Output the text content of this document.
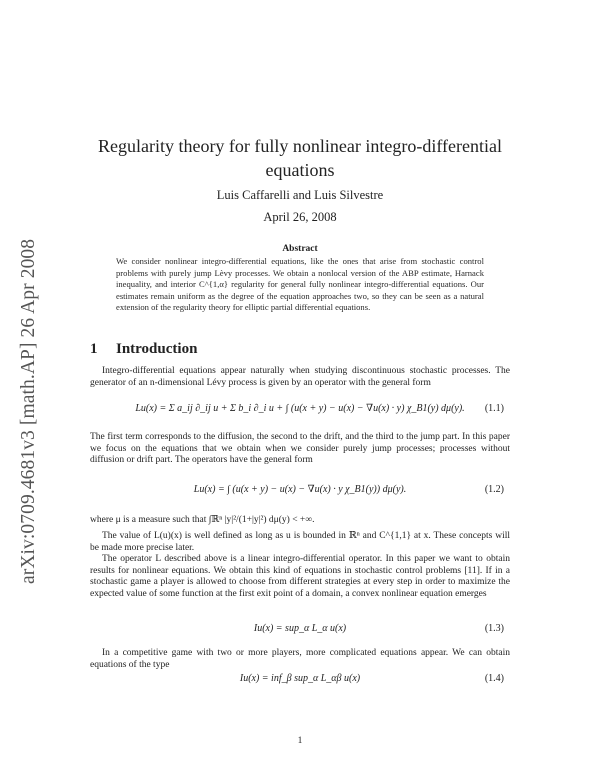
arXiv:0709.4681v3 [math.AP] 26 Apr 2008
Regularity theory for fully nonlinear integro-differential equations
Luis Caffarelli and Luis Silvestre
April 26, 2008
Abstract
We consider nonlinear integro-differential equations, like the ones that arise from stochastic control problems with purely jump Lèvy processes. We obtain a nonlocal version of the ABP estimate, Harnack inequality, and interior C^{1,α} regularity for general fully nonlinear integro-differential equations. Our estimates remain uniform as the degree of the equation approaches two, so they can be seen as a natural extension of the regularity theory for elliptic partial differential equations.
1 Introduction
Integro-differential equations appear naturally when studying discontinuous stochastic processes. The generator of an n-dimensional Lévy process is given by an operator with the general form
Lu(x) = Σ a_ij ∂_ij u + Σ b_i ∂_i u + ∫ (u(x + y) − u(x) − ∇u(x) · y) χ_B1(y) dμ(y).	(1.1)
The first term corresponds to the diffusion, the second to the drift, and the third to the jump part. In this paper we focus on the equations that we obtain when we consider purely jump processes; processes without diffusion or drift part. The operators have the general form
Lu(x) = ∫ (u(x + y) − u(x) − ∇u(x) · y χ_B1(y)) dμ(y).	(1.2)
where μ is a measure such that ∫ℝⁿ |y|²/(1+|y|²) dμ(y) < +∞.
The value of L(u)(x) is well defined as long as u is bounded in ℝⁿ and C^{1,1} at x. These concepts will be made more precise later.
The operator L described above is a linear integro-differential operator. In this paper we want to obtain results for nonlinear equations. We obtain this kind of equations in stochastic control problems [11]. If in a stochastic game a player is allowed to choose from different strategies at every step in order to maximize the expected value of some function at the first exit point of a domain, a convex nonlinear equation emerges
Iu(x) = sup_α L_α u(x)	(1.3)
In a competitive game with two or more players, more complicated equations appear. We can obtain equations of the type
Iu(x) = inf_β sup_α L_αβ u(x)	(1.4)
1
